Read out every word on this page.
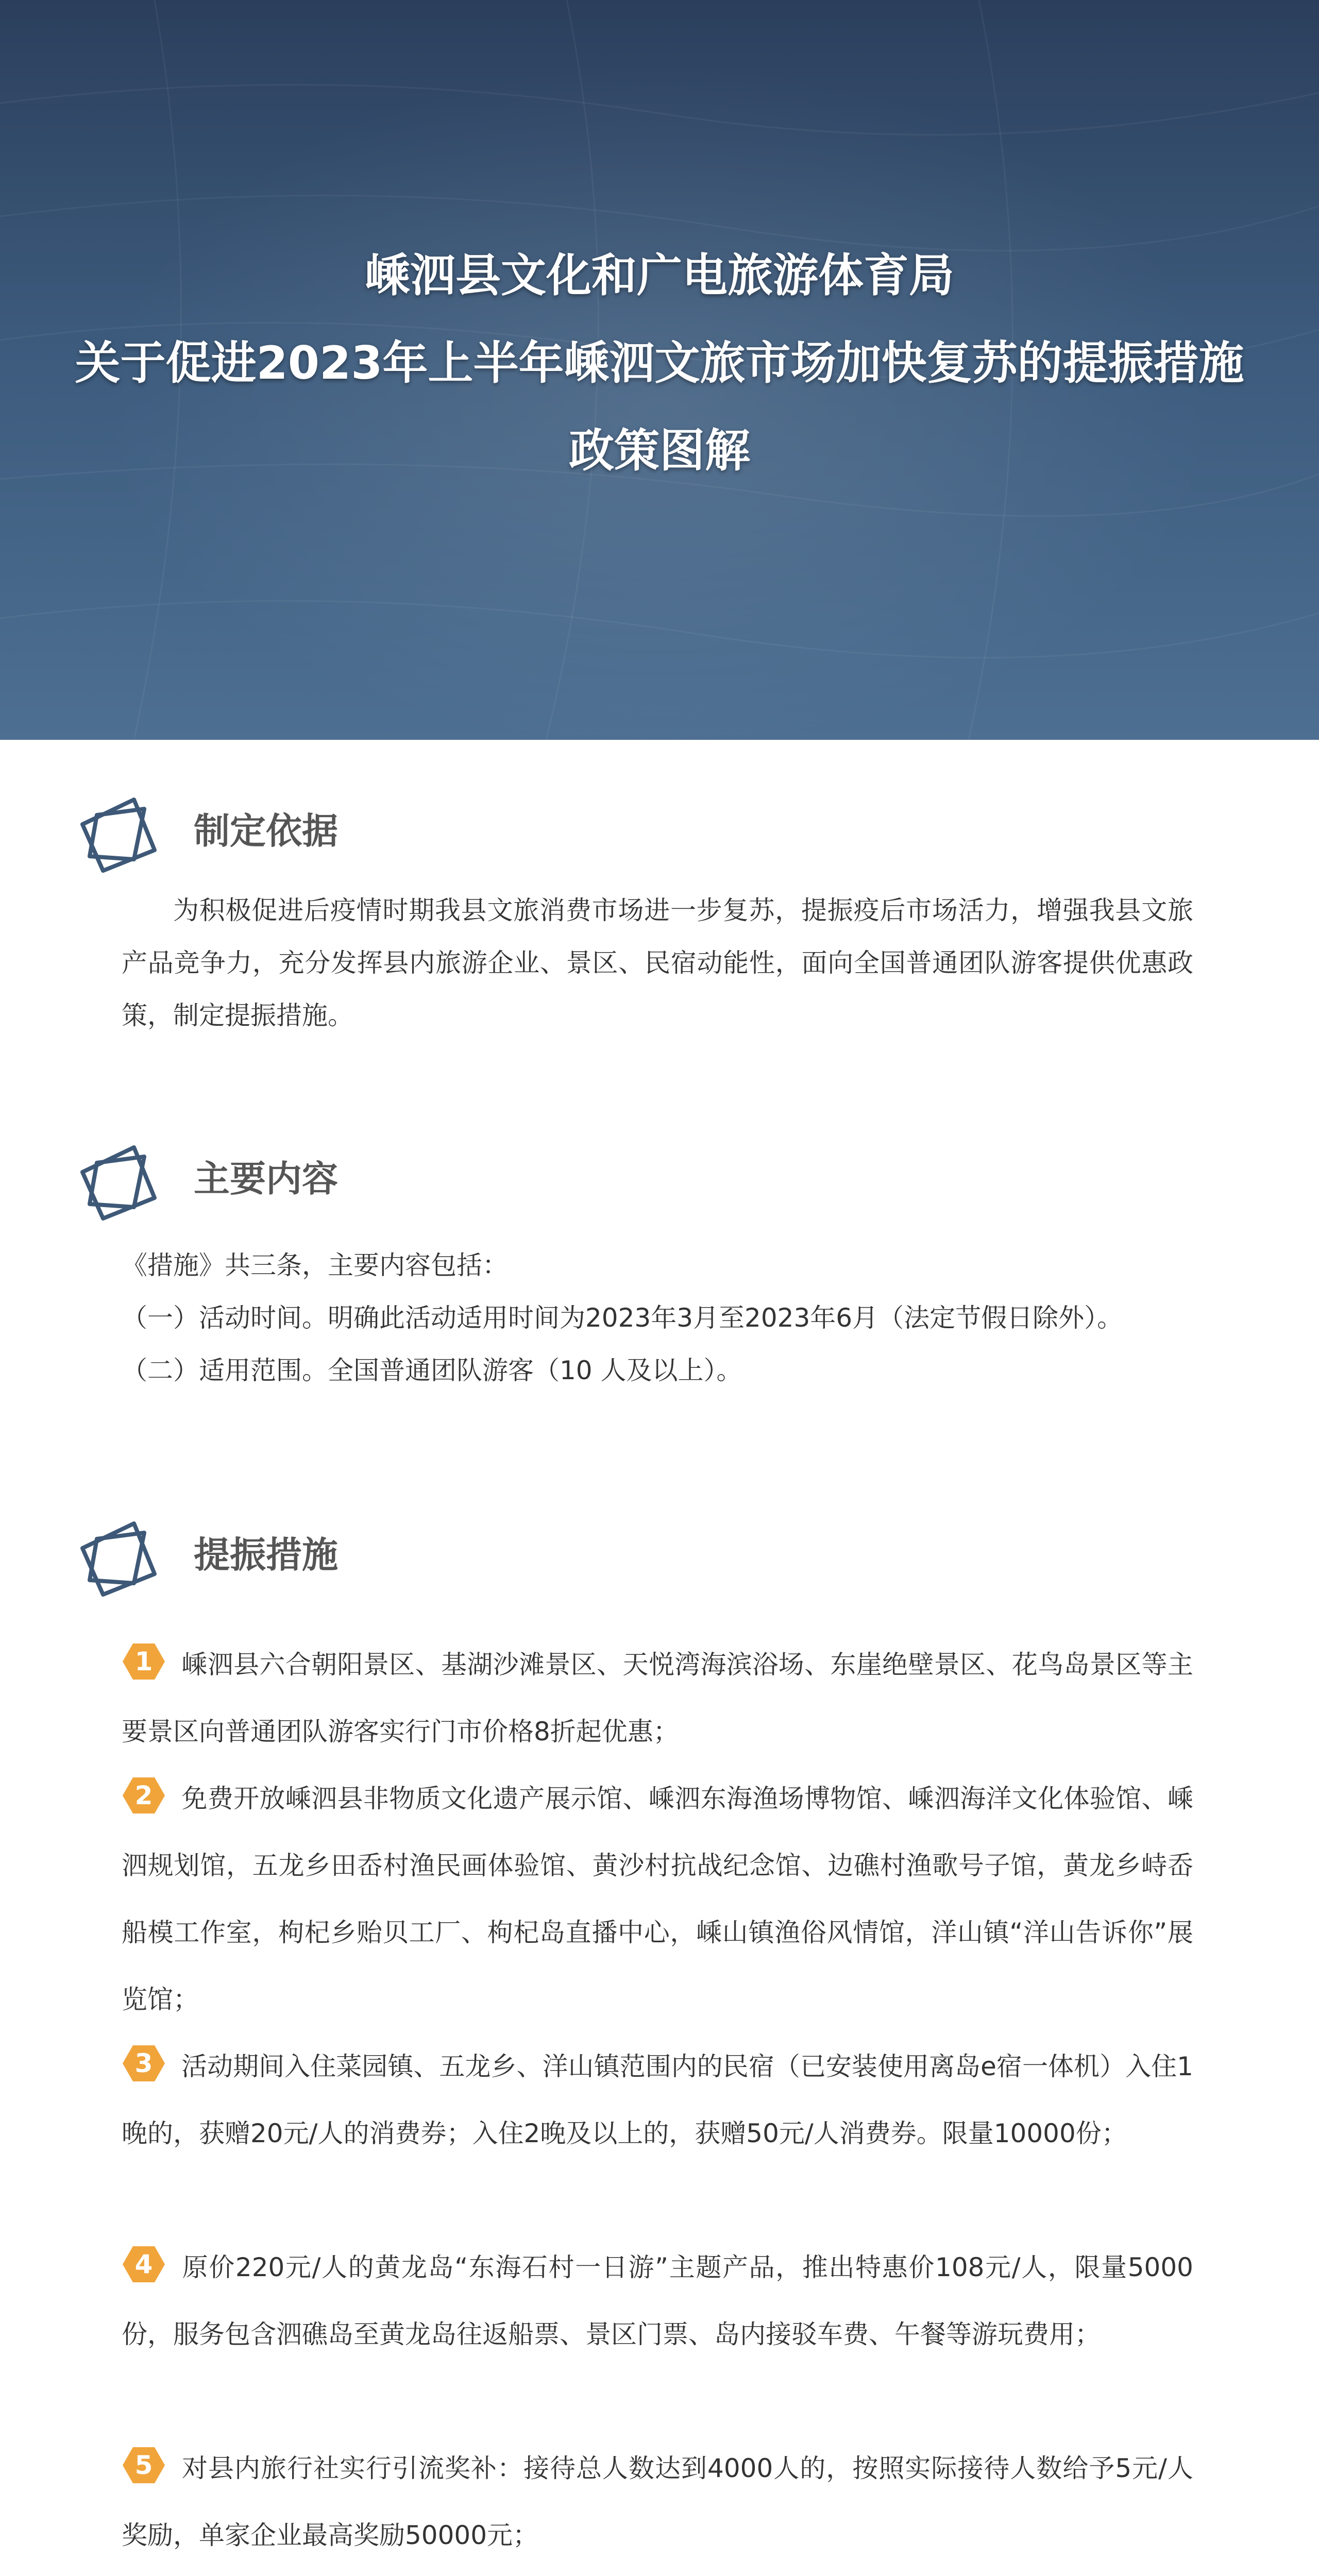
嵊泗县文化和广电旅游体育局
关于促进2023年上半年嵊泗文旅市场加快复苏的提振措施
政策图解
制定依据
为积极促进后疫情时期我县文旅消费市场进一步复苏，提振疫后市场活力，增强我县文旅产品竞争力，充分发挥县内旅游企业、景区、民宿动能性，面向全国普通团队游客提供优惠政策，制定提振措施。
主要内容
《措施》共三条，主要内容包括：
（一）活动时间。明确此活动适用时间为2023年3月至2023年6月（法定节假日除外）。
（二）适用范围。全国普通团队游客（10 人及以上）。
提振措施
1	嵊泗县六合朝阳景区、基湖沙滩景区、天悦湾海滨浴场、东崖绝壁景区、花鸟岛景区等主要景区向普通团队游客实行门市价格8折起优惠；
2	免费开放嵊泗县非物质文化遗产展示馆、嵊泗东海渔场博物馆、嵊泗海洋文化体验馆、嵊泗规划馆，五龙乡田岙村渔民画体验馆、黄沙村抗战纪念馆、边礁村渔歌号子馆，黄龙乡峙岙船模工作室，枸杞乡贻贝工厂、枸杞岛直播中心，嵊山镇渔俗风情馆，洋山镇“洋山告诉你”展览馆；
3	活动期间入住菜园镇、五龙乡、洋山镇范围内的民宿（已安装使用离岛e宿一体机）入住1晚的，获赠20元/人的消费券；入住2晚及以上的，获赠50元/人消费券。限量10000份；
4	原价220元/人的黄龙岛“东海石村一日游”主题产品，推出特惠价108元/人，限量5000份，服务包含泗礁岛至黄龙岛往返船票、景区门票、岛内接驳车费、午餐等游玩费用；
5	对县内旅行社实行引流奖补：接待总人数达到4000人的，按照实际接待人数给予5元/人奖励，单家企业最高奖励50000元；
